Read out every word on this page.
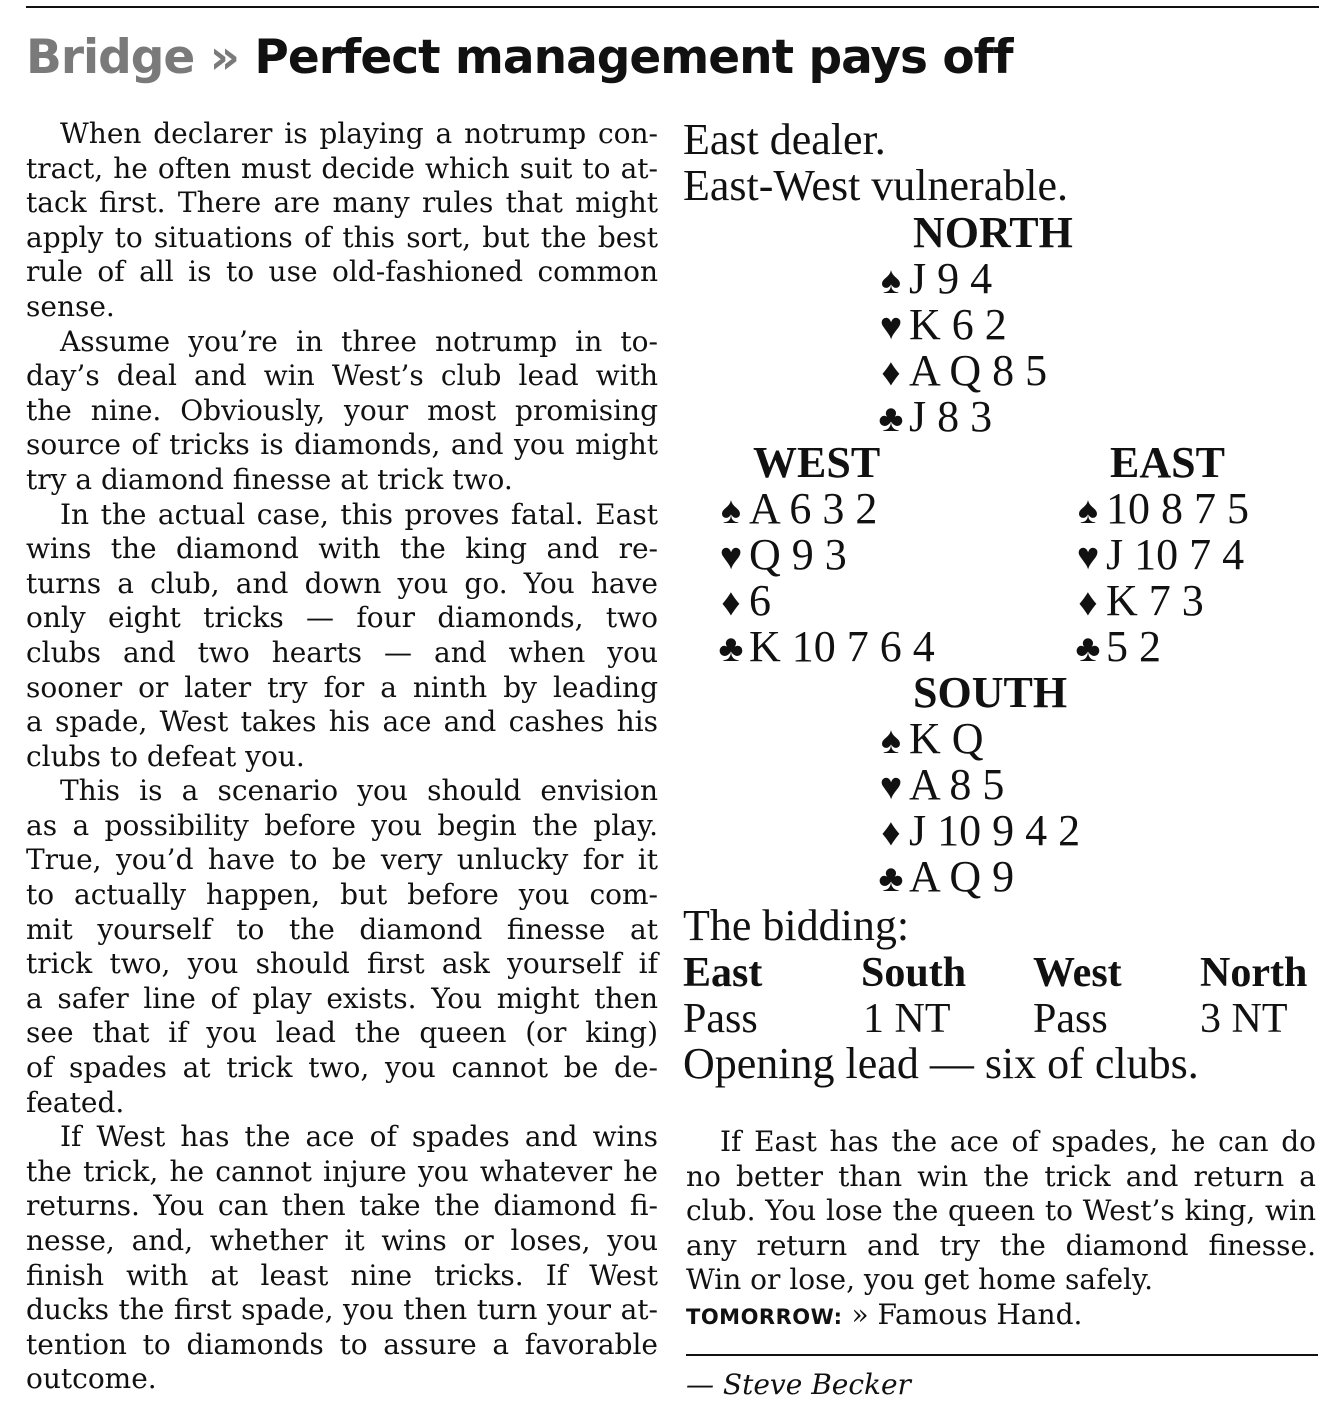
Bridge » Perfect management pays off
When declarer is playing a notrump con-
tract, he often must decide which suit to at-
tack first. There are many rules that might
apply to situations of this sort, but the best
rule of all is to use old-fashioned common
sense.
Assume you’re in three notrump in to-
day’s deal and win West’s club lead with
the nine. Obviously, your most promising
source of tricks is diamonds, and you might
try a diamond finesse at trick two.
In the actual case, this proves fatal. East
wins the diamond with the king and re-
turns a club, and down you go. You have
only eight tricks — four diamonds, two
clubs and two hearts — and when you
sooner or later try for a ninth by leading
a spade, West takes his ace and cashes his
clubs to defeat you.
This is a scenario you should envision
as a possibility before you begin the play.
True, you’d have to be very unlucky for it
to actually happen, but before you com-
mit yourself to the diamond finesse at
trick two, you should first ask yourself if
a safer line of play exists. You might then
see that if you lead the queen (or king)
of spades at trick two, you cannot be de-
feated.
If West has the ace of spades and wins
the trick, he cannot injure you whatever he
returns. You can then take the diamond fi-
nesse, and, whether it wins or loses, you
finish with at least nine tricks. If West
ducks the first spade, you then turn your at-
tention to diamonds to assure a favorable
outcome.
East dealer.
East-West vulnerable.
NORTH
♠ J 9 4
♥ K 6 2
♦ A Q 8 5
♣ J 8 3
WEST
♠ A 6 3 2
♥ Q 9 3
♦ 6
♣ K 10 7 6 4
EAST
♠ 10 8 7 5
♥ J 10 7 4
♦ K 7 3
♣ 5 2
SOUTH
♠ K Q
♥ A 8 5
♦ J 10 9 4 2
♣ A Q 9
The bidding:
East South West North
Pass	1 NT Pass 3 NT
Opening lead — six of clubs.
If East has the ace of spades, he can do
no better than win the trick and return a
club. You lose the queen to West’s king, win
any return and try the diamond finesse.
Win or lose, you get home safely.
TOMORROW: » Famous Hand.
— Steve Becker
